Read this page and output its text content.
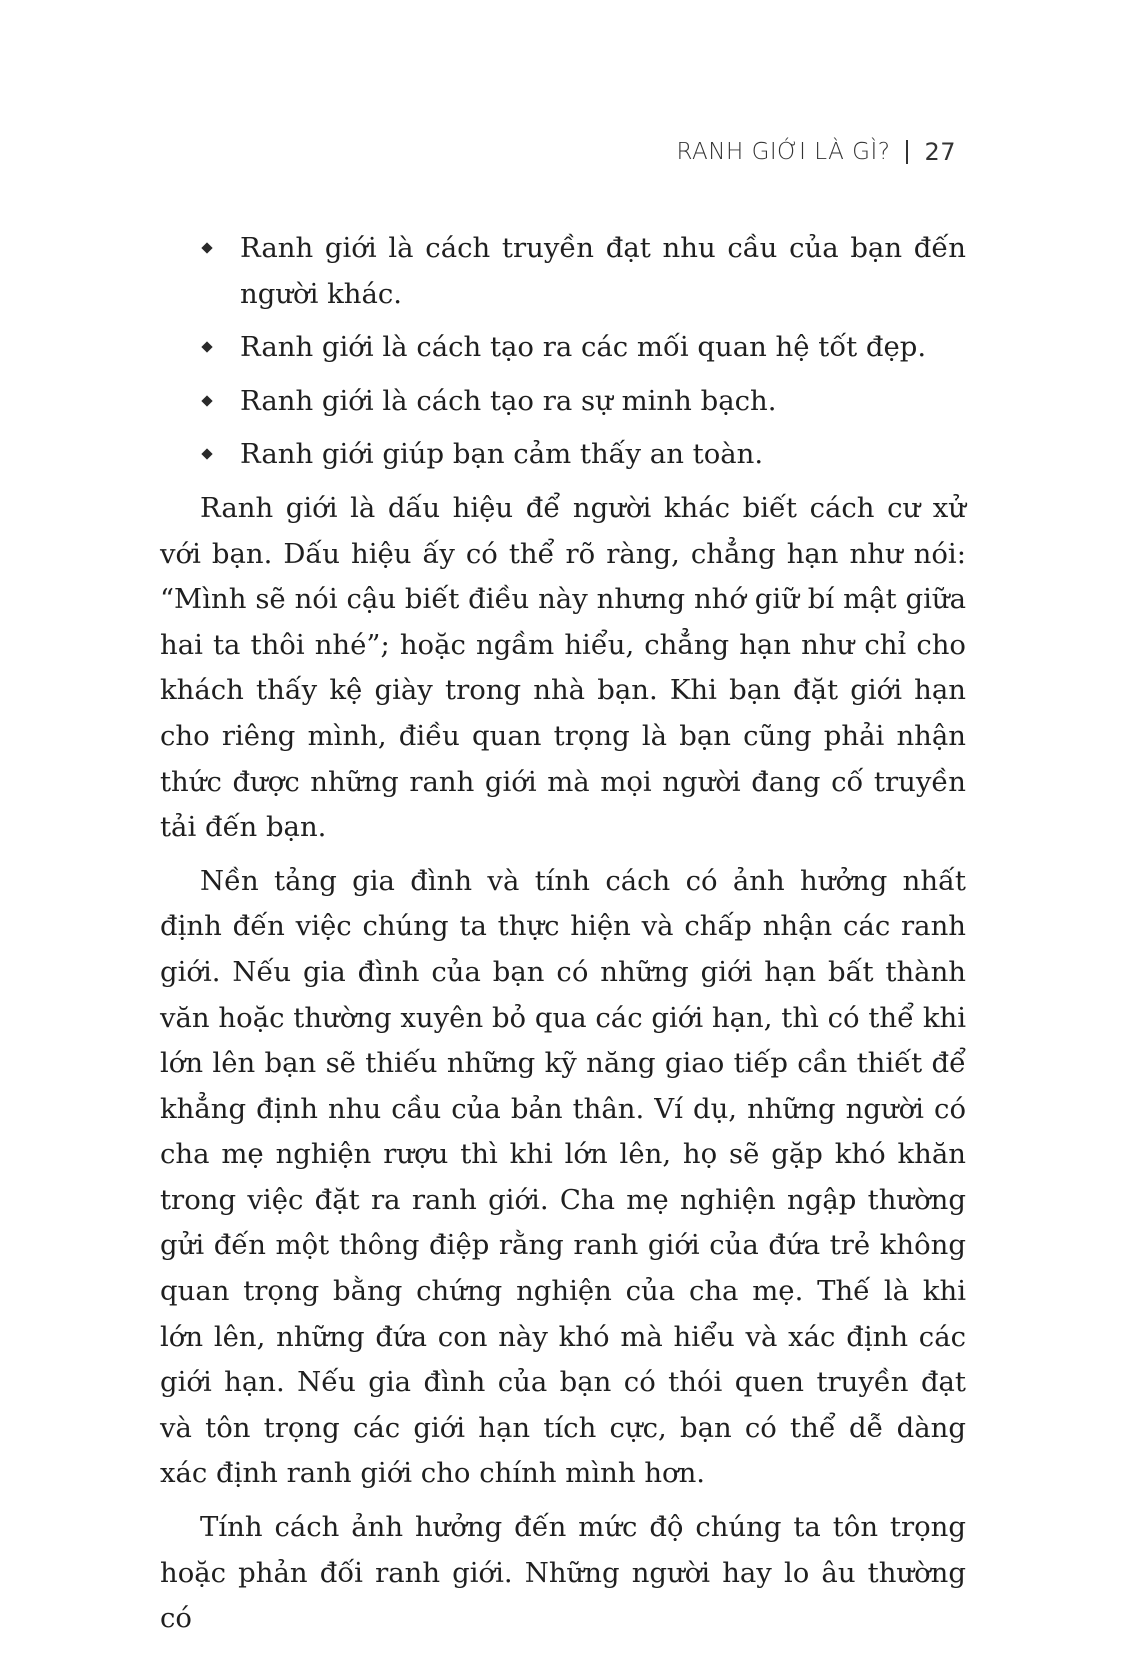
RANH GIỚI LÀ GÌ? 27
Ranh giới là cách truyền đạt nhu cầu của bạn đến người khác.
Ranh giới là cách tạo ra các mối quan hệ tốt đẹp.
Ranh giới là cách tạo ra sự minh bạch.
Ranh giới giúp bạn cảm thấy an toàn.

Ranh giới là dấu hiệu để người khác biết cách cư xử với bạn. Dấu hiệu ấy có thể rõ ràng, chẳng hạn như nói: “Mình sẽ nói cậu biết điều này nhưng nhớ giữ bí mật giữa hai ta thôi nhé”; hoặc ngầm hiểu, chẳng hạn như chỉ cho khách thấy kệ giày trong nhà bạn. Khi bạn đặt giới hạn cho riêng mình, điều quan trọng là bạn cũng phải nhận thức được những ranh giới mà mọi người đang cố truyền tải đến bạn.

Nền tảng gia đình và tính cách có ảnh hưởng nhất định đến việc chúng ta thực hiện và chấp nhận các ranh giới. Nếu gia đình của bạn có những giới hạn bất thành văn hoặc thường xuyên bỏ qua các giới hạn, thì có thể khi lớn lên bạn sẽ thiếu những kỹ năng giao tiếp cần thiết để khẳng định nhu cầu của bản thân. Ví dụ, những người có cha mẹ nghiện rượu thì khi lớn lên, họ sẽ gặp khó khăn trong việc đặt ra ranh giới. Cha mẹ nghiện ngập thường gửi đến một thông điệp rằng ranh giới của đứa trẻ không quan trọng bằng chứng nghiện của cha mẹ. Thế là khi lớn lên, những đứa con này khó mà hiểu và xác định các giới hạn. Nếu gia đình của bạn có thói quen truyền đạt và tôn trọng các giới hạn tích cực, bạn có thể dễ dàng xác định ranh giới cho chính mình hơn.

Tính cách ảnh hưởng đến mức độ chúng ta tôn trọng hoặc phản đối ranh giới. Những người hay lo âu thường có
